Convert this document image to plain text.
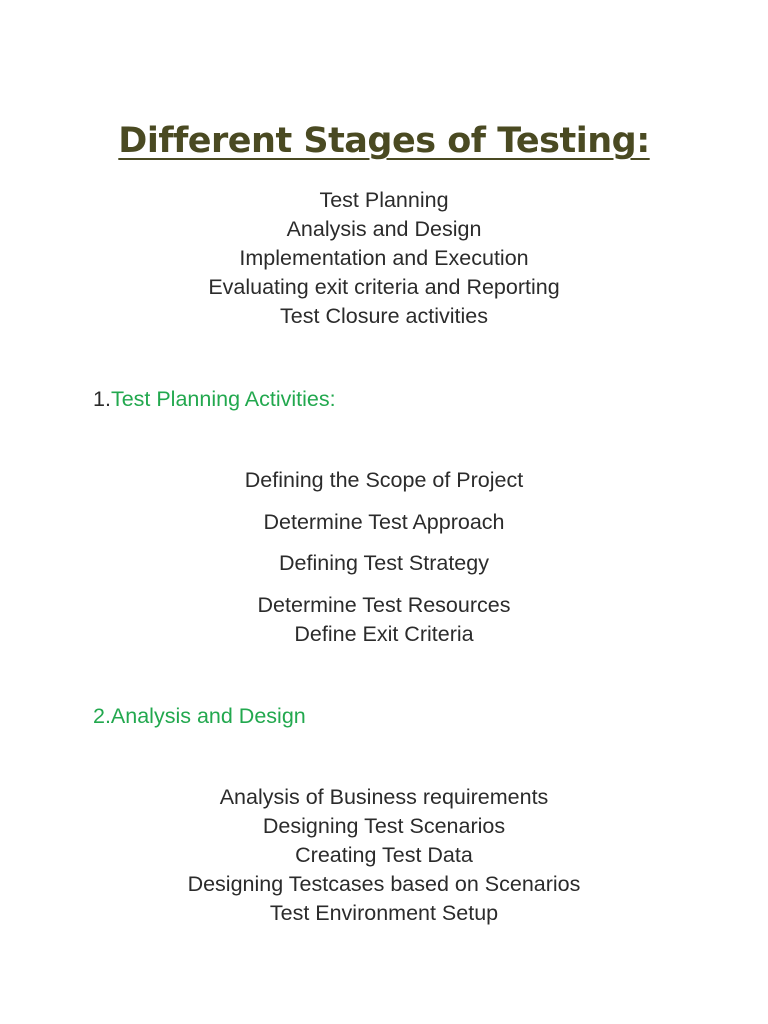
Different Stages of Testing:
Test Planning
Analysis and Design
Implementation and Execution
Evaluating exit criteria and Reporting
Test Closure activities
1.Test Planning Activities:
Defining the Scope of Project
Determine Test Approach
Defining Test Strategy
Determine Test Resources
Define Exit Criteria
2.Analysis and Design
Analysis of Business requirements
Designing Test Scenarios
Creating Test Data
Designing Testcases based on Scenarios
Test Environment Setup
